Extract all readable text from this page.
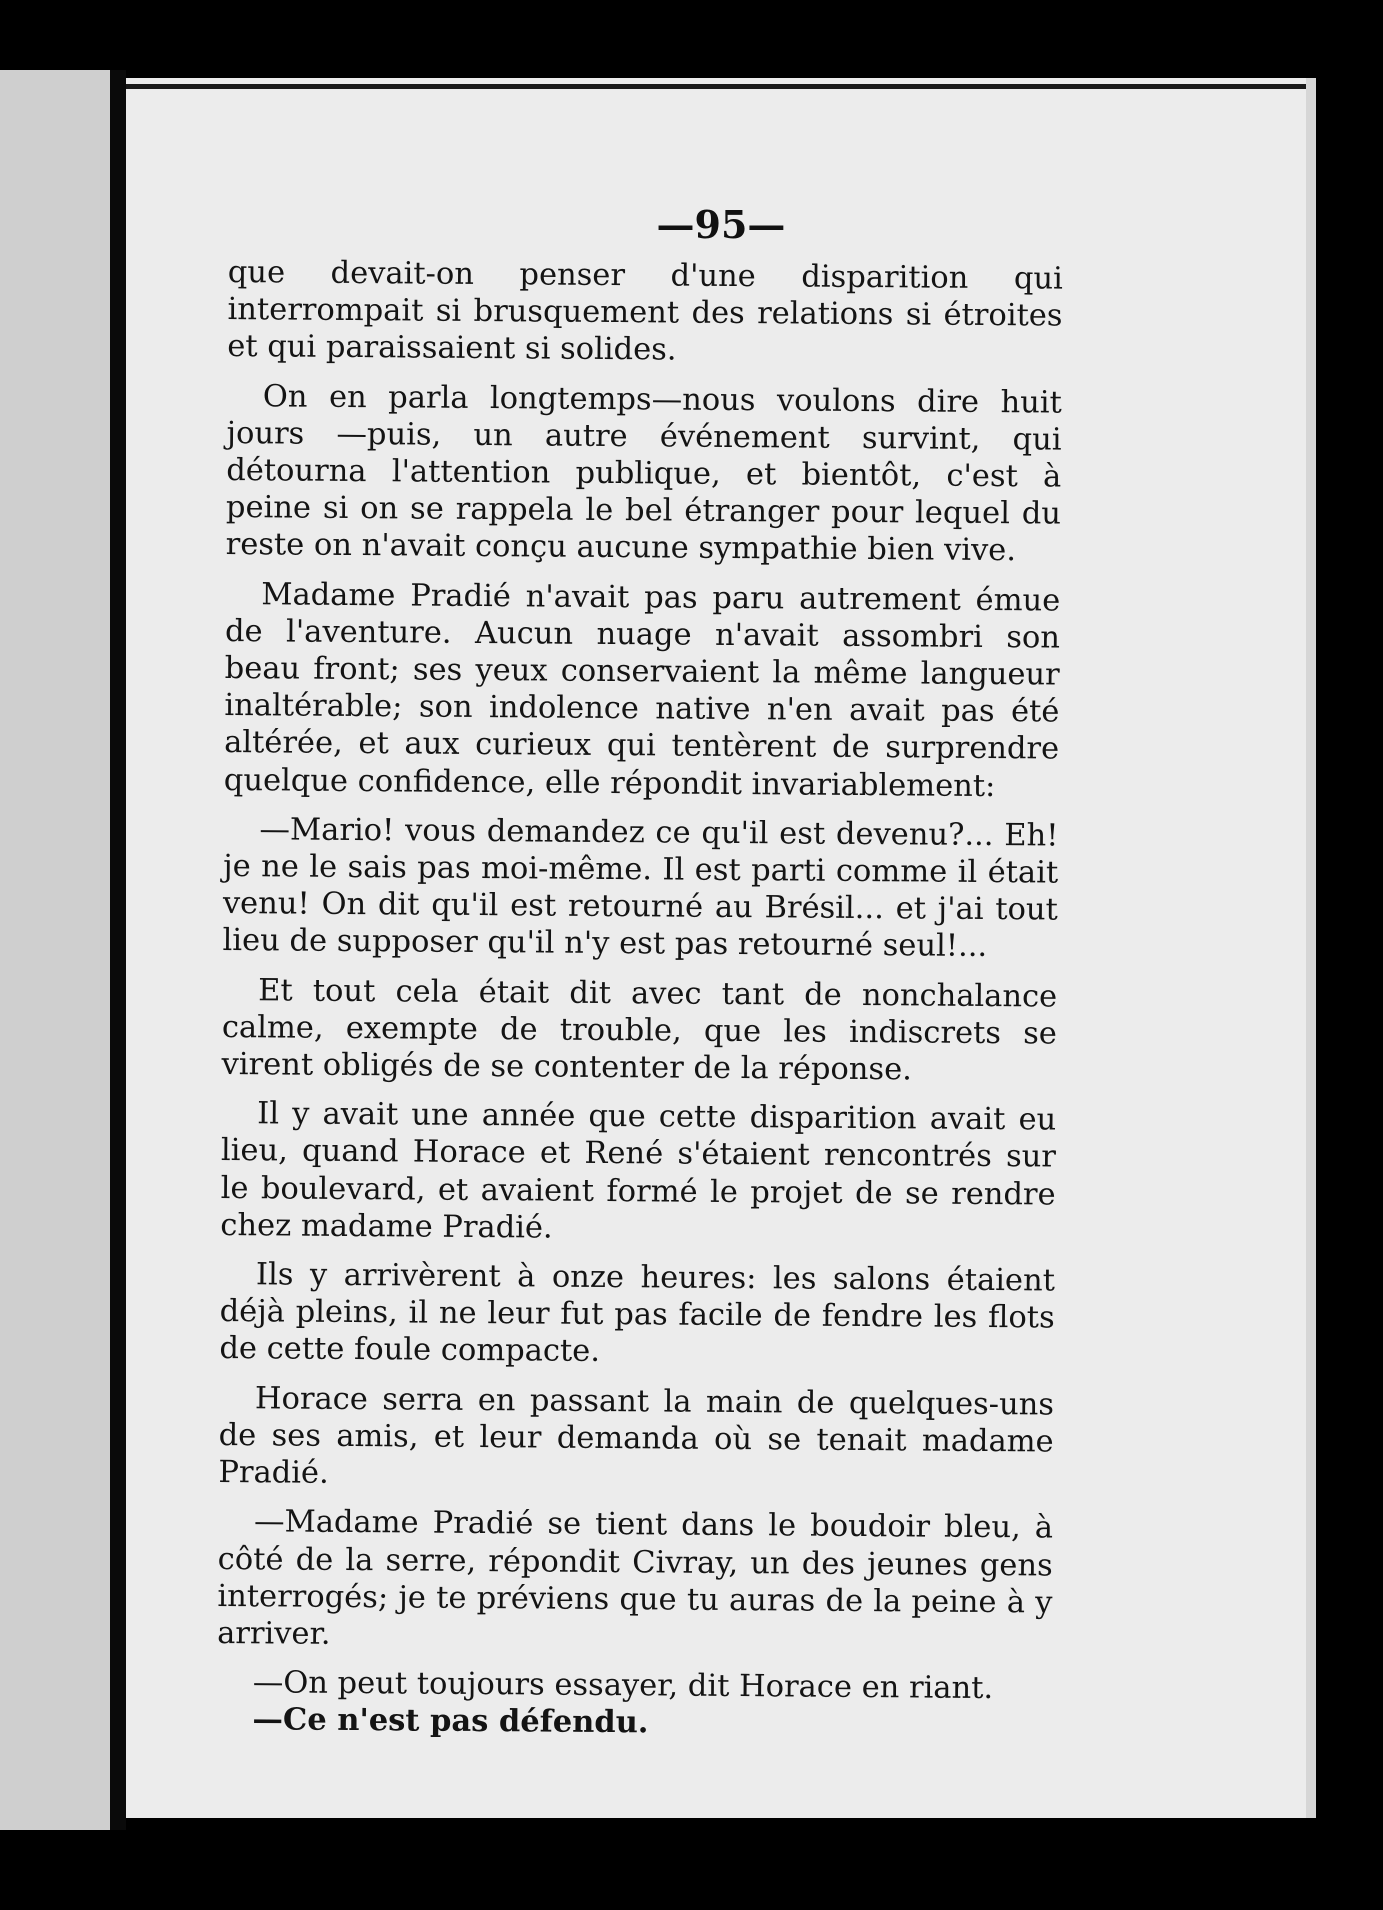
—95—

que devait-on penser d'une disparition qui interrompait si brusquement des relations si étroites et qui paraissaient si solides.

On en parla longtemps—nous voulons dire huit jours —puis, un autre événement survint, qui détourna l'attention publique, et bientôt, c'est à peine si on se rappela le bel étranger pour lequel du reste on n'avait conçu aucune sympathie bien vive.

Madame Pradié n'avait pas paru autrement émue de l'aventure. Aucun nuage n'avait assombri son beau front; ses yeux conservaient la même langueur inaltérable; son indolence native n'en avait pas été altérée, et aux curieux qui tentèrent de surprendre quelque confidence, elle répondit invariablement:

—Mario! vous demandez ce qu'il est devenu?... Eh! je ne le sais pas moi-même. Il est parti comme il était venu! On dit qu'il est retourné au Brésil... et j'ai tout lieu de supposer qu'il n'y est pas retourné seul!...

Et tout cela était dit avec tant de nonchalance calme, exempte de trouble, que les indiscrets se virent obligés de se contenter de la réponse.

Il y avait une année que cette disparition avait eu lieu, quand Horace et René s'étaient rencontrés sur le boulevard, et avaient formé le projet de se rendre chez madame Pradié.

Ils y arrivèrent à onze heures: les salons étaient déjà pleins, il ne leur fut pas facile de fendre les flots de cette foule compacte.

Horace serra en passant la main de quelques-uns de ses amis, et leur demanda où se tenait madame Pradié.

—Madame Pradié se tient dans le boudoir bleu, à côté de la serre, répondit Civray, un des jeunes gens interrogés; je te préviens que tu auras de la peine à y arriver.

—On peut toujours essayer, dit Horace en riant.

—Ce n'est pas défendu.
